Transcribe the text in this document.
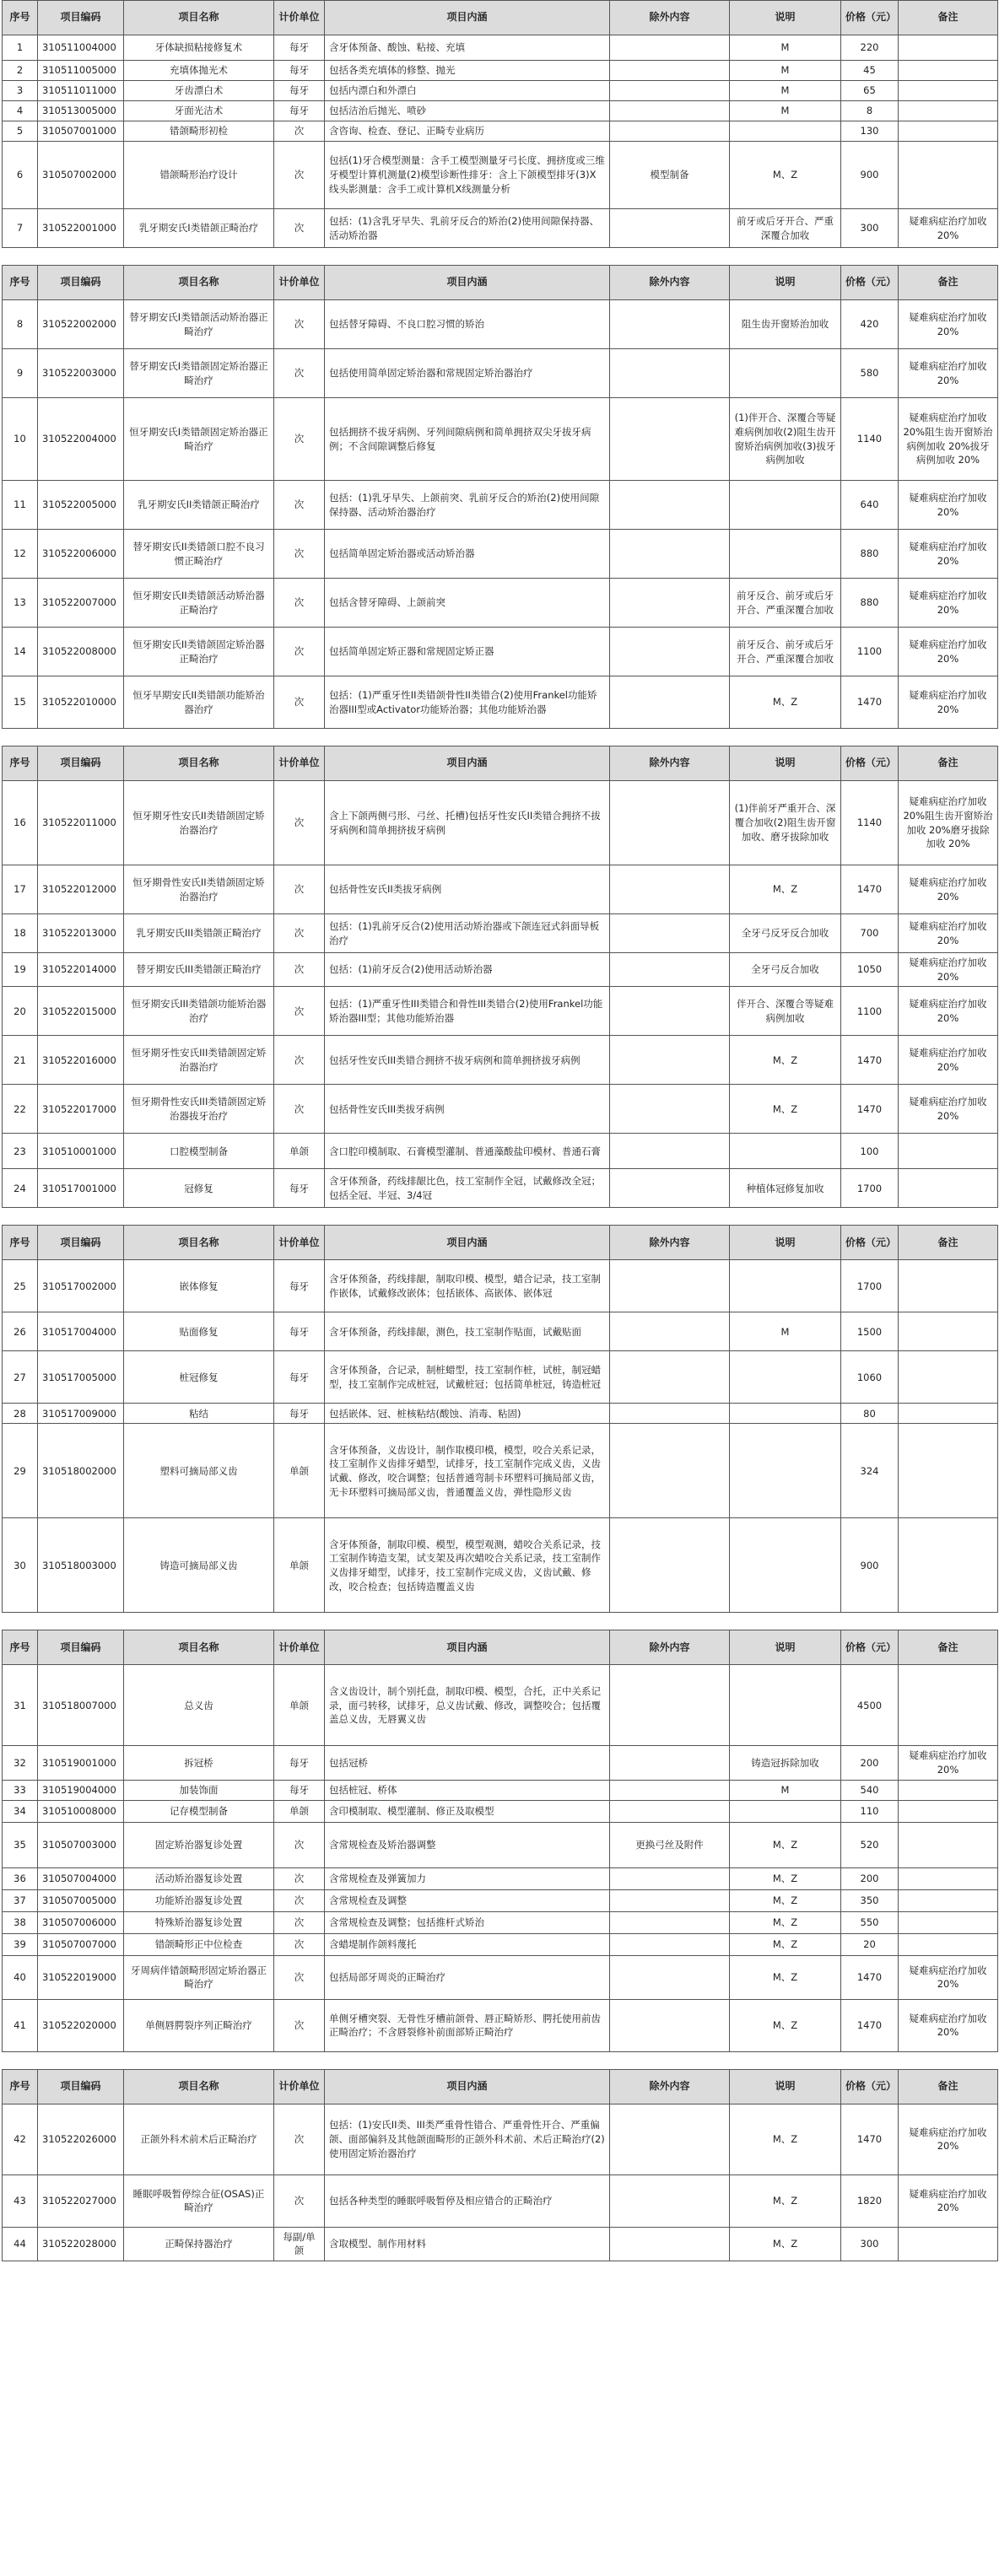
序号	项目编码	项目名称	计价单位	项目内涵	除外内容	说明	价格（元）	备注
1	310511004000	牙体缺损粘接修复术	每牙	含牙体预备、酸蚀、粘接、充填		M	220	
2	310511005000	充填体抛光术	每牙	包括各类充填体的修整、抛光		M	45	
3	310511011000	牙齿漂白术	每牙	包括内漂白和外漂白		M	65	
4	310513005000	牙面光洁术	每牙	包括洁治后抛光、喷砂		M	8	
5	310507001000	错颌畸形初检	次	含咨询、检查、登记、正畸专业病历			130	
6	310507002000	错颌畸形治疗设计	次	包括(1)牙合模型测量：含手工模型测量牙弓长度、拥挤度或三维牙模型计算机测量(2)模型诊断性排牙：含上下颌模型排牙(3)X线头影测量：含手工或计算机X线测量分析	模型制备	M、Z	900	
7	310522001000	乳牙期安氏I类错颌正畸治疗	次	包括：(1)含乳牙早失、乳前牙反合的矫治(2)使用间隙保持器、活动矫治器		前牙或后牙开合、严重深覆合加收	300	疑难病症治疗加收 20%
序号	项目编码	项目名称	计价单位	项目内涵	除外内容	说明	价格（元）	备注
8	310522002000	替牙期安氏I类错颌活动矫治器正畸治疗	次	包括替牙障碍、不良口腔习惯的矫治		阻生齿开窗矫治加收	420	疑难病症治疗加收 20%
9	310522003000	替牙期安氏I类错颌固定矫治器正畸治疗	次	包括使用简单固定矫治器和常规固定矫治器治疗			580	疑难病症治疗加收 20%
10	310522004000	恒牙期安氏I类错颌固定矫治器正畸治疗	次	包括拥挤不拔牙病例、牙列间隙病例和简单拥挤双尖牙拔牙病例；不含间隙调整后修复		(1)伴开合、深覆合等疑难病例加收(2)阻生齿开窗矫治病例加收(3)拔牙病例加收	1140	疑难病症治疗加收 20%阻生齿开窗矫治病例加收 20%拔牙病例加收 20%
11	310522005000	乳牙期安氏II类错颌正畸治疗	次	包括：(1)乳牙早失、上颌前突、乳前牙反合的矫治(2)使用间隙保持器、活动矫治器治疗			640	疑难病症治疗加收 20%
12	310522006000	替牙期安氏II类错颌口腔不良习惯正畸治疗	次	包括简单固定矫治器或活动矫治器			880	疑难病症治疗加收 20%
13	310522007000	恒牙期安氏II类错颌活动矫治器正畸治疗	次	包括含替牙障碍、上颌前突		前牙反合、前牙或后牙开合、严重深覆合加收	880	疑难病症治疗加收 20%
14	310522008000	恒牙期安氏II类错颌固定矫治器正畸治疗	次	包括简单固定矫正器和常规固定矫正器		前牙反合、前牙或后牙开合、严重深覆合加收	1100	疑难病症治疗加收 20%
15	310522010000	恒牙早期安氏II类错颌功能矫治器治疗	次	包括：(1)严重牙性II类错颌骨性II类错合(2)使用Frankel功能矫治器III型或Activator功能矫治器；其他功能矫治器		M、Z	1470	疑难病症治疗加收 20%
序号	项目编码	项目名称	计价单位	项目内涵	除外内容	说明	价格（元）	备注
16	310522011000	恒牙期牙性安氏II类错颌固定矫治器治疗	次	含上下颌两侧弓形、弓丝、托槽)包括牙性安氏II类错合拥挤不拔牙病例和简单拥挤拔牙病例		(1)伴前牙严重开合、深覆合加收(2)阻生齿开窗加收、磨牙拔除加收	1140	疑难病症治疗加收 20%阻生齿开窗矫治加收 20%磨牙拔除加收 20%
17	310522012000	恒牙期骨性安氏II类错颌固定矫治器治疗	次	包括骨性安氏II类拔牙病例		M、Z	1470	疑难病症治疗加收 20%
18	310522013000	乳牙期安氏III类错颌正畸治疗	次	包括：(1)乳前牙反合(2)使用活动矫治器或下颌连冠式斜面导板治疗		全牙弓反牙反合加收	700	疑难病症治疗加收 20%
19	310522014000	替牙期安氏III类错颌正畸治疗	次	包括：(1)前牙反合(2)使用活动矫治器		全牙弓反合加收	1050	疑难病症治疗加收 20%
20	310522015000	恒牙期安氏III类错颌功能矫治器治疗	次	包括：(1)严重牙性III类错合和骨性III类错合(2)使用Frankel功能矫治器III型；其他功能矫治器		伴开合、深覆合等疑难病例加收	1100	疑难病症治疗加收 20%
21	310522016000	恒牙期牙性安氏III类错颌固定矫治器治疗	次	包括牙性安氏III类错合拥挤不拔牙病例和简单拥挤拔牙病例		M、Z	1470	疑难病症治疗加收 20%
22	310522017000	恒牙期骨性安氏III类错颌固定矫治器拔牙治疗	次	包括骨性安氏III类拔牙病例		M、Z	1470	疑难病症治疗加收 20%
23	310510001000	口腔模型制备	单颌	含口腔印模制取、石膏模型灌制、普通藻酸盐印模材、普通石膏			100	
24	310517001000	冠修复	每牙	含牙体预备，药线排龈比色，技工室制作全冠，试戴修改全冠；包括全冠、半冠、3/4冠		种植体冠修复加收	1700	
序号	项目编码	项目名称	计价单位	项目内涵	除外内容	说明	价格（元）	备注
25	310517002000	嵌体修复	每牙	含牙体预备，药线排龈，制取印模、模型，蜡合记录，技工室制作嵌体，试戴修改嵌体；包括嵌体、高嵌体、嵌体冠			1700	
26	310517004000	贴面修复	每牙	含牙体预备，药线排龈，测色，技工室制作贴面，试戴贴面		M	1500	
27	310517005000	桩冠修复	每牙	含牙体预备，合记录，制桩蜡型，技工室制作桩，试桩，制冠蜡型，技工室制作完成桩冠，试戴桩冠；包括简单桩冠，铸造桩冠			1060	
28	310517009000	粘结	每牙	包括嵌体、冠、桩核粘结(酸蚀、消毒、粘固)			80	
29	310518002000	塑料可摘局部义齿	单颌	含牙体预备，义齿设计，制作取模印模，模型，咬合关系记录，技工室制作义齿排牙蜡型，试排牙，技工室制作完成义齿，义齿试戴、修改，咬合调整；包括普通弯制卡环塑料可摘局部义齿，无卡环塑料可摘局部义齿，普通覆盖义齿，弹性隐形义齿			324	
30	310518003000	铸造可摘局部义齿	单颌	含牙体预备，制取印模、模型，模型观测，蜡咬合关系记录，技工室制作铸造支架，试支架及再次蜡咬合关系记录，技工室制作义齿排牙蜡型，试排牙，技工室制作完成义齿，义齿试戴、修改，咬合检查；包括铸造覆盖义齿			900	
序号	项目编码	项目名称	计价单位	项目内涵	除外内容	说明	价格（元）	备注
31	310518007000	总义齿	单颌	含义齿设计，制个别托盘，制取印模、模型，合托，正中关系记录，面弓转移，试排牙，总义齿试戴、修改，调整咬合；包括覆盖总义齿，无唇翼义齿			4500	
32	310519001000	拆冠桥	每牙	包括冠桥		铸造冠拆除加收	200	疑难病症治疗加收 20%
33	310519004000	加装饰面	每牙	包括桩冠、桥体		M	540	
34	310510008000	记存模型制备	单颌	含印模制取、模型灌制、修正及取模型			110	
35	310507003000	固定矫治器复诊处置	次	含常规检查及矫治器调整	更换弓丝及附件	M、Z	520	
36	310507004000	活动矫治器复诊处置	次	含常规检查及弹簧加力		M、Z	200	
37	310507005000	功能矫治器复诊处置	次	含常规检查及调整		M、Z	350	
38	310507006000	特殊矫治器复诊处置	次	含常规检查及调整；包括推杆式矫治		M、Z	550	
39	310507007000	错颌畸形正中位检查	次	含蜡堤制作颌料蔑托		M、Z	20	
40	310522019000	牙周病伴错颌畸形固定矫治器正畸治疗	次	包括局部牙周炎的正畸治疗		M、Z	1470	疑难病症治疗加收 20%
41	310522020000	单侧唇腭裂序列正畸治疗	次	单侧牙槽突裂、无骨性牙槽前颌骨、唇正畸矫形、腭托使用前齿正畸治疗；不含唇裂修补前面部矫正畸治疗		M、Z	1470	疑难病症治疗加收 20%
序号	项目编码	项目名称	计价单位	项目内涵	除外内容	说明	价格（元）	备注
42	310522026000	正颌外科术前术后正畸治疗	次	包括：(1)安氏II类、III类严重骨性错合、严重骨性开合、严重偏颌、面部偏斜及其他颌面畸形的正颌外科术前、术后正畸治疗(2)使用固定矫治器治疗		M、Z	1470	疑难病症治疗加收 20%
43	310522027000	睡眠呼吸暂停综合征(OSAS)正畸治疗	次	包括各种类型的睡眠呼吸暂停及相应错合的正畸治疗		M、Z	1820	疑难病症治疗加收 20%
44	310522028000	正畸保持器治疗	每副/单颌	含取模型、制作用材料		M、Z	300	
